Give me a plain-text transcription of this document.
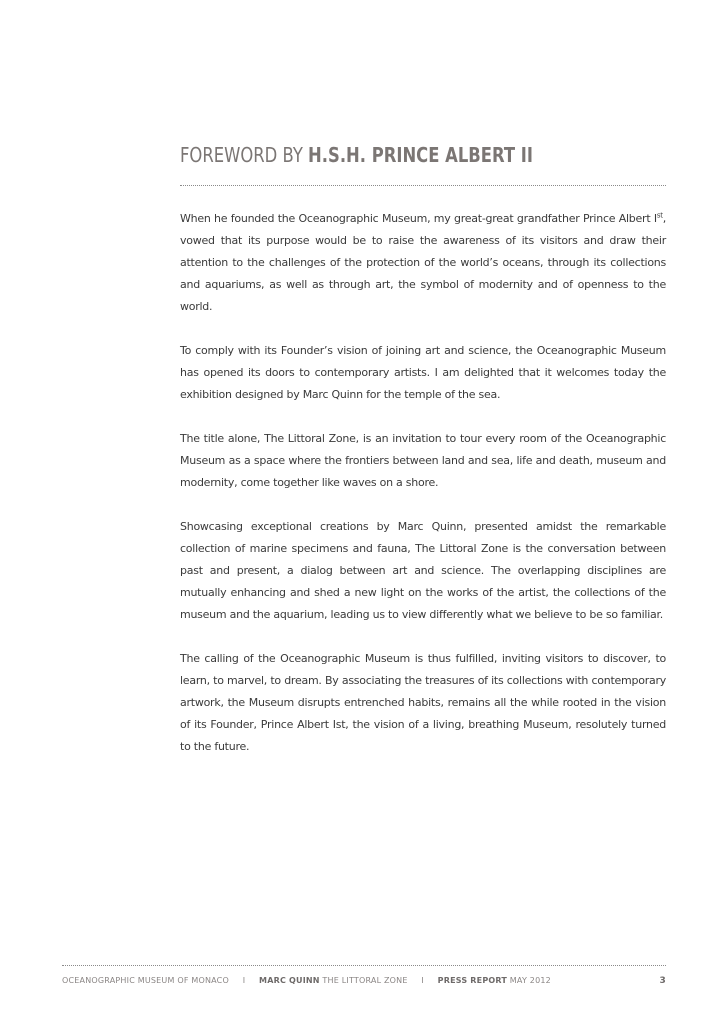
FOREWORD BY H.S.H. PRINCE ALBERT II

When he founded the Oceanographic Museum, my great-great grandfather Prince Albert Ist, vowed that its purpose would be to raise the awareness of its visitors and draw their attention to the challenges of the protection of the world’s oceans, through its collections and aquariums, as well as through art, the symbol of modernity and of openness to the world.

To comply with its Founder’s vision of joining art and science, the Oceanographic Museum has opened its doors to contemporary artists. I am delighted that it welcomes today the exhibition designed by Marc Quinn for the temple of the sea.

The title alone, The Littoral Zone, is an invitation to tour every room of the Oceanographic Museum as a space where the frontiers between land and sea, life and death, museum and modernity, come together like waves on a shore.

Showcasing exceptional creations by Marc Quinn, presented amidst the remarkable collection of marine specimens and fauna, The Littoral Zone is the conversation between past and present, a dialog between art and science. The overlapping disciplines are mutually enhancing and shed a new light on the works of the artist, the collections of the museum and the aquarium, leading us to view differently what we believe to be so familiar.

The calling of the Oceanographic Museum is thus fulfilled, inviting visitors to discover, to learn, to marvel, to dream. By associating the treasures of its collections with contemporary artwork, the Museum disrupts entrenched habits, remains all the while rooted in the vision of its Founder, Prince Albert Ist, the vision of a living, breathing Museum, resolutely turned to the future.

OCEANOGRAPHIC MUSEUM OF MONACO I MARC QUINN THE LITTORAL ZONE I PRESS REPORT MAY 2012	3
